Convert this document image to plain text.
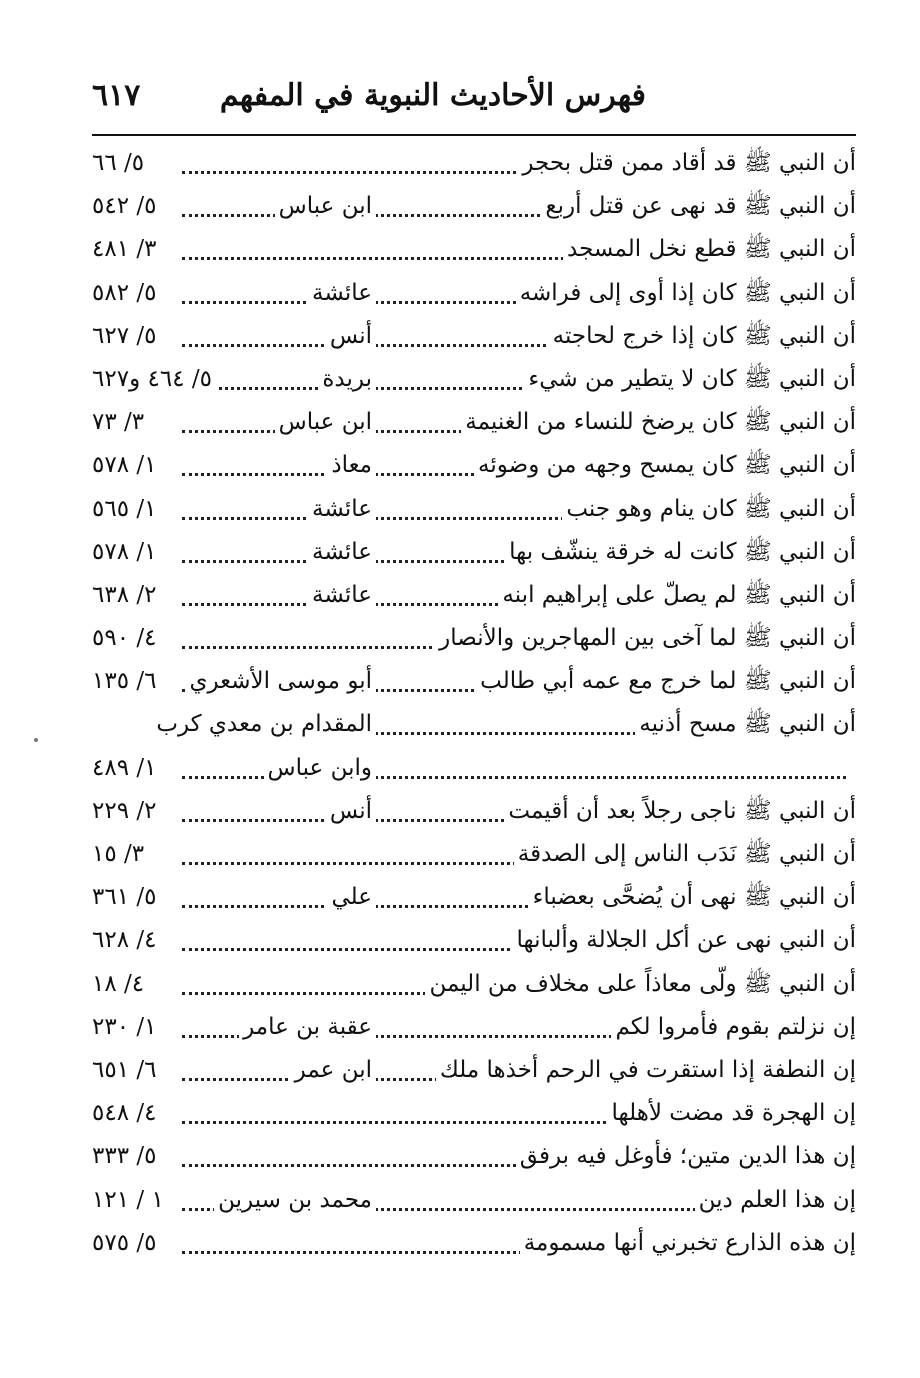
فهرس الأحاديث النبوية في المفهم
٦١٧
أن النبي ﷺ قد أقاد ممن قتل بحجر
٥/ ٦٦
أن النبي ﷺ قد نهى عن قتل أربع
ابن عباس
٥/ ٥٤٢
أن النبي ﷺ قطع نخل المسجد
٣/ ٤٨١
أن النبي ﷺ كان إذا أوى إلى فراشه
عائشة
٥/ ٥٨٢
أن النبي ﷺ كان إذا خرج لحاجته
أنس
٥/ ٦٢٧
أن النبي ﷺ كان لا يتطير من شيء
بريدة
٥/ ٤٦٤ و٦٢٧
أن النبي ﷺ كان يرضخ للنساء من الغنيمة
ابن عباس
٣/ ٧٣
أن النبي ﷺ كان يمسح وجهه من وضوئه
معاذ
١/ ٥٧٨
أن النبي ﷺ كان ينام وهو جنب
عائشة
١/ ٥٦٥
أن النبي ﷺ كانت له خرقة ينشّف بها
عائشة
١/ ٥٧٨
أن النبي ﷺ لم يصلّ على إبراهيم ابنه
عائشة
٢/ ٦٣٨
أن النبي ﷺ لما آخى بين المهاجرين والأنصار
٤/ ٥٩٠
أن النبي ﷺ لما خرج مع عمه أبي طالب
أبو موسى الأشعري
٦/ ١٣٥
أن النبي ﷺ مسح أذنيه
المقدام بن معدي كرب
وابن عباس
١/ ٤٨٩
أن النبي ﷺ ناجى رجلاً بعد أن أقيمت
أنس
٢/ ٢٢٩
أن النبي ﷺ نَدَب الناس إلى الصدقة
٣/ ١٥
أن النبي ﷺ نهى أن يُضحَّى بعضباء
علي
٥/ ٣٦١
أن النبي نهى عن أكل الجلالة وألبانها
٤/ ٦٢٨
أن النبي ﷺ ولّى معاذاً على مخلاف من اليمن
٤/ ١٨
إن نزلتم بقوم فأمروا لكم
عقبة بن عامر
١/ ٢٣٠
إن النطفة إذا استقرت في الرحم أخذها ملك
ابن عمر
٦/ ٦٥١
إن الهجرة قد مضت لأهلها
٤/ ٥٤٨
إن هذا الدين متين؛ فأوغل فيه برفق
٥/ ٣٣٣
إن هذا العلم دين
محمد بن سيرين
١ / ١٢١
إن هذه الذارع تخبرني أنها مسمومة
٥/ ٥٧٥
